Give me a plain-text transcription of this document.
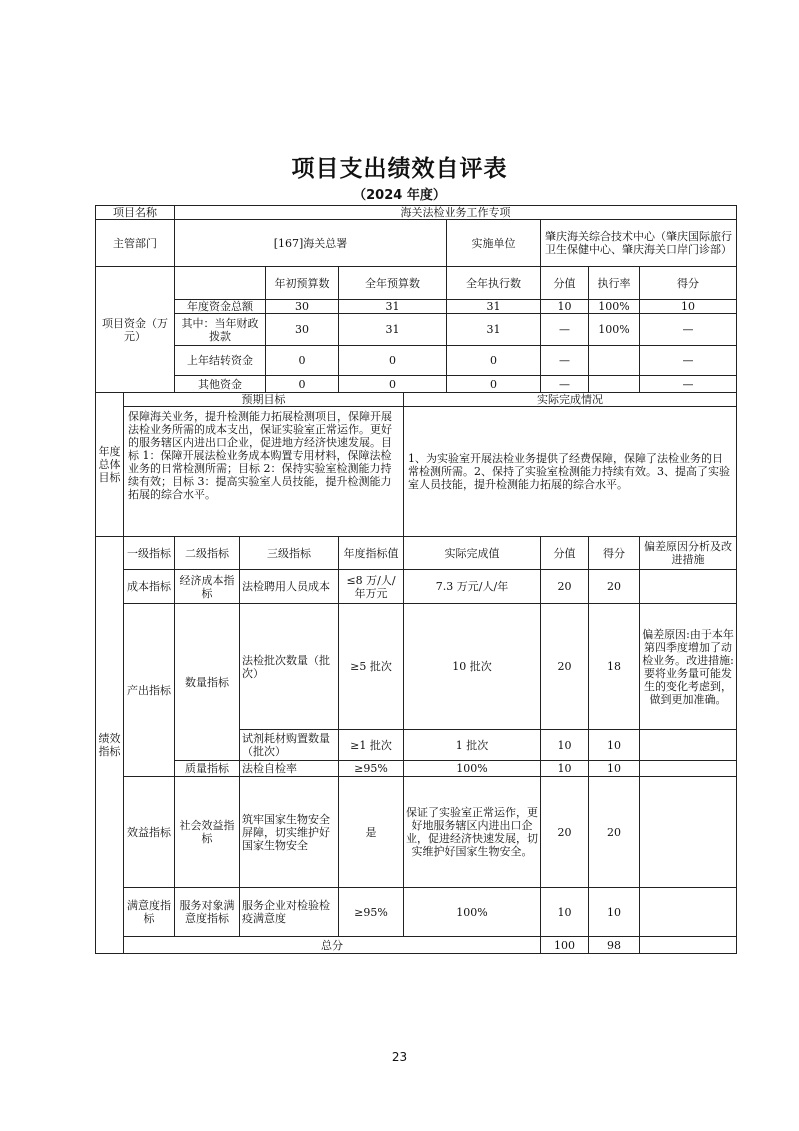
项目支出绩效自评表
（2024 年度）
项目名称		海关法检业务工作专项								
主管部门		[167]海关总署					实施单位	肇庆海关综合技术中心（肇庆国际旅行卫生保健中心、肇庆海关口岸门诊部）		
项目资金（万元）				年初预算数	全年预算数		全年执行数	分值	执行率	得分
		年度资金总额		30	31		31	10	100%	10
		其中：当年财政拨款		30	31		31	—	100%	—
		上年结转资金		0	0		0	—		—
		其他资金		0	0		0	—		—
年度总体目标	预期目标					实际完成情况				
	保障海关业务，提升检测能力拓展检测项目，保障开展法检业务所需的成本支出，保证实验室正常运作。更好的服务辖区内进出口企业，促进地方经济快速发展。目标 1：保障开展法检业务成本购置专用材料，保障法检业务的日常检测所需；目标 2：保持实验室检测能力持续有效；目标 3：提高实验室人员技能，提升检测能力拓展的综合水平。					1、为实验室开展法检业务提供了经费保障，保障了法检业务的日常检测所需。2、保持了实验室检测能力持续有效。3、提高了实验室人员技能，提升检测能力拓展的综合水平。				
绩效指标	一级指标	二级指标	三级指标		年度指标值	实际完成值		分值	得分	偏差原因分析及改进措施
	成本指标	经济成本指标	法检聘用人员成本		≤8 万/人/年万元	7.3 万元/人/年		20	20	
	产出指标	数量指标	法检批次数量（批次）		≥5 批次	10 批次		20	18	偏差原因:由于本年第四季度增加了动检业务。改进措施:要将业务量可能发生的变化考虑到，做到更加准确。
			试剂耗材购置数量（批次）		≥1 批次	1 批次		10	10	
		质量指标	法检自检率		≥95%	100%		10	10	
	效益指标	社会效益指标	筑牢国家生物安全屏障，切实维护好国家生物安全		是	保证了实验室正常运作，更好地服务辖区内进出口企业，促进经济快速发展，切实维护好国家生物安全。		20	20	
	满意度指标	服务对象满意度指标	服务企业对检验检疫满意度		≥95%	100%		10	10	
	总分							100	98	
23
